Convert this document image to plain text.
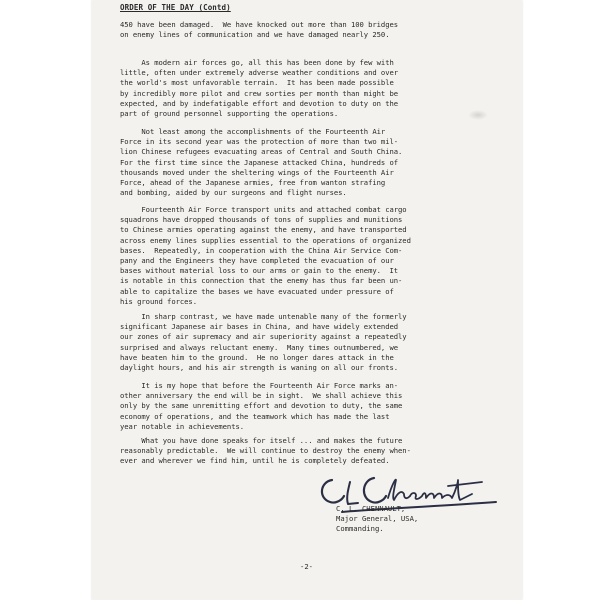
ORDER OF THE DAY (Contd)
450 have been damaged.  We have knocked out more than 100 bridges
on enemy lines of communication and we have damaged nearly 250.
As modern air forces go, all this has been done by few with
little, often under extremely adverse weather conditions and over
the world's most unfavorable terrain.  It has been made possible
by incredibly more pilot and crew sorties per month than might be
expected, and by indefatigable effort and devotion to duty on the
part of ground personnel supporting the operations.
Not least among the accomplishments of the Fourteenth Air
Force in its second year was the protection of more than two mil-
lion Chinese refugees evacuating areas of Central and South China.
For the first time since the Japanese attacked China, hundreds of
thousands moved under the sheltering wings of the Fourteenth Air
Force, ahead of the Japanese armies, free from wanton strafing
and bombing, aided by our surgeons and flight nurses.
Fourteenth Air Force transport units and attached combat cargo
squadrons have dropped thousands of tons of supplies and munitions
to Chinese armies operating against the enemy, and have transported
across enemy lines supplies essential to the operations of organized
bases.  Repeatedly, in cooperation with the China Air Service Com-
pany and the Engineers they have completed the evacuation of our
bases without material loss to our arms or gain to the enemy.  It
is notable in this connection that the enemy has thus far been un-
able to capitalize the bases we have evacuated under pressure of
his ground forces.
In sharp contrast, we have made untenable many of the formerly
significant Japanese air bases in China, and have widely extended
our zones of air supremacy and air superiority against a repeatedly
surprised and always reluctant enemy.  Many times outnumbered, we
have beaten him to the ground.  He no longer dares attack in the
daylight hours, and his air strength is waning on all our fronts.
It is my hope that before the Fourteenth Air Force marks an-
other anniversary the end will be in sight.  We shall achieve this
only by the same unremitting effort and devotion to duty, the same
economy of operations, and the teamwork which has made the last
year notable in achievements.
What you have done speaks for itself ... and makes the future
reasonably predictable.  We will continue to destroy the enemy when-
ever and wherever we find him, until he is completely defeated.
C. L. CHENNAULT,
Major General, USA,
Commanding.
-2-
